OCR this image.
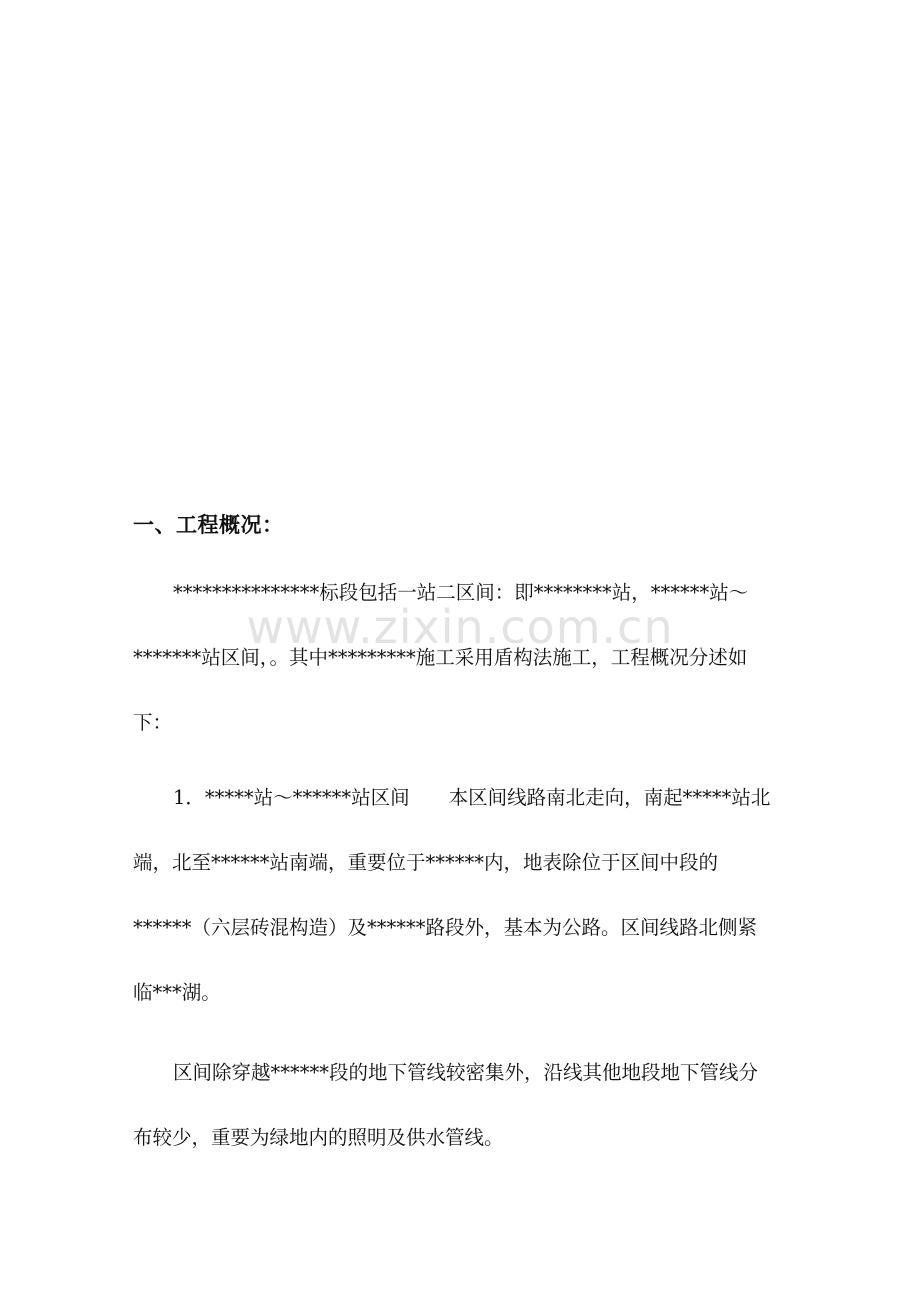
www.zixin.com.cn
一、工程概况：
***************标段包括一站二区间：即********站，******站～
*******站区间，。其中*********施工采用盾构法施工，工程概况分述如
下：
1．*****站～******站区间　　本区间线路南北走向，南起*****站北
端，北至******站南端，重要位于******内，地表除位于区间中段的
******（六层砖混构造）及******路段外，基本为公路。区间线路北侧紧
临***湖。
区间除穿越******段的地下管线较密集外，沿线其他地段地下管线分
布较少，重要为绿地内的照明及供水管线。
